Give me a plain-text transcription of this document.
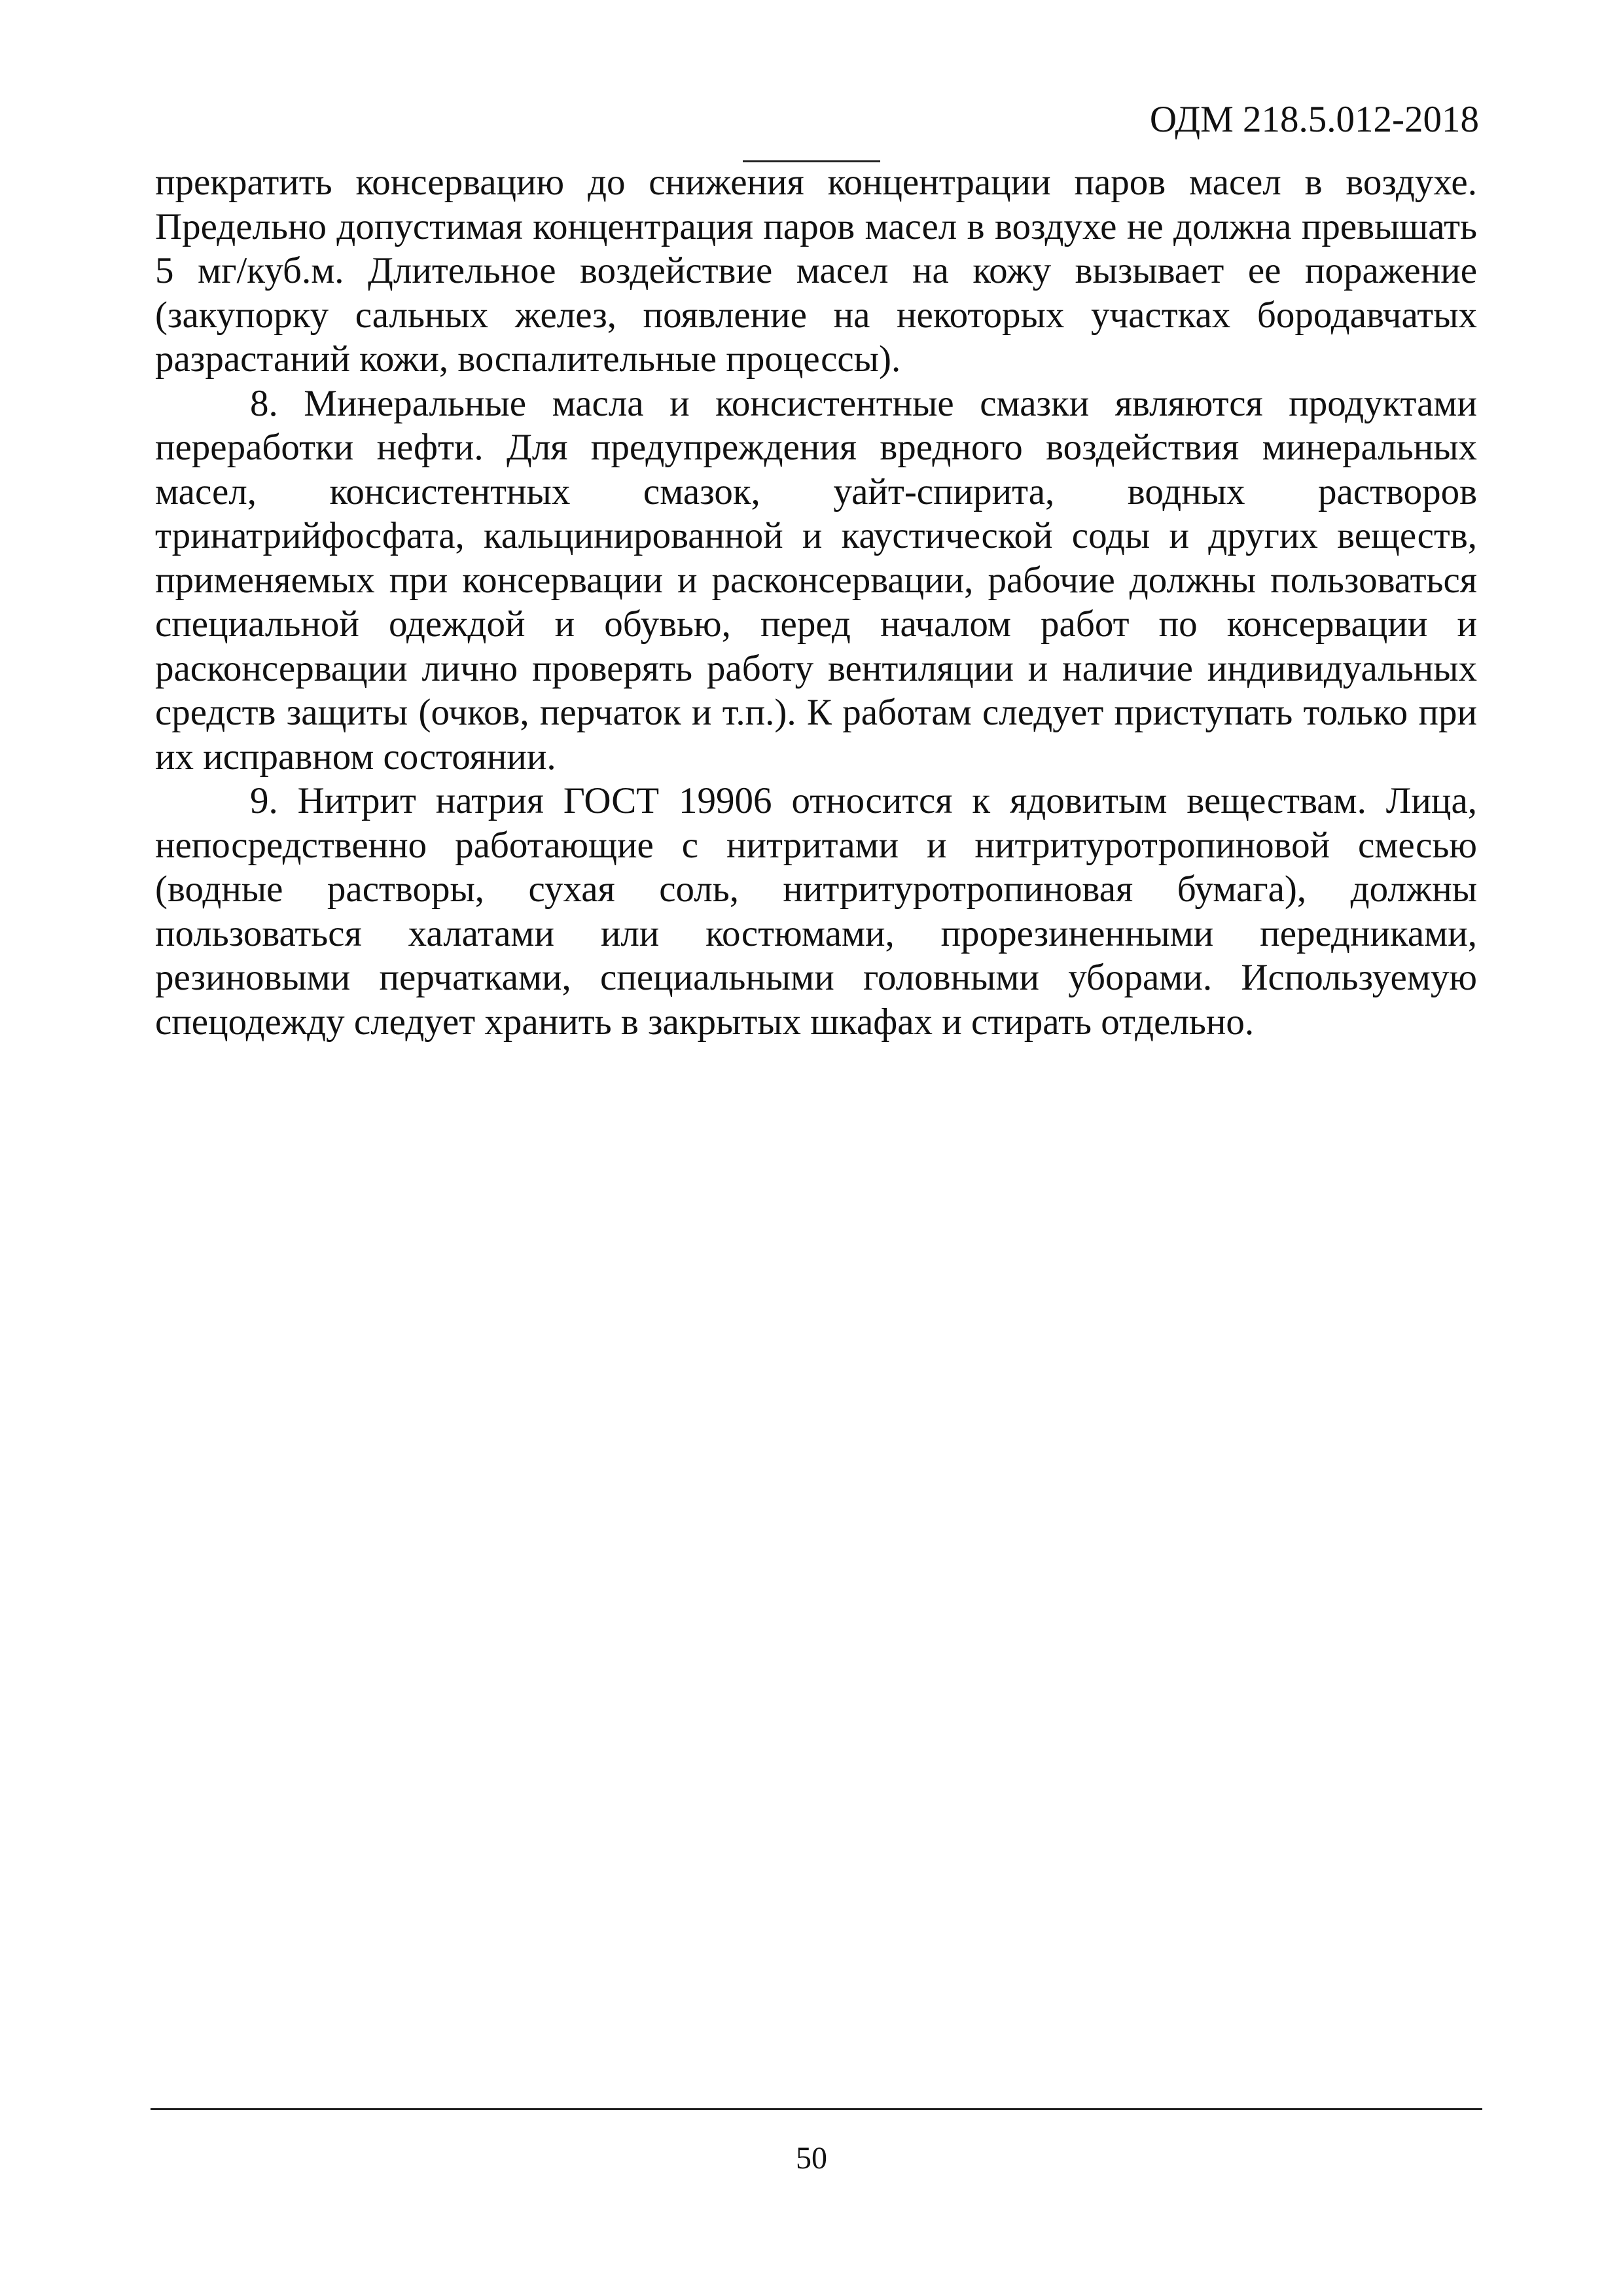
ОДМ 218.5.012-2018

прекратить консервацию до снижения концентрации паров масел в воздухе. Предельно допустимая концентрация паров масел в воздухе не должна превышать 5 мг/куб.м. Длительное воздействие масел на кожу вызывает ее поражение (закупорку сальных желез, появление на некоторых участках бородавчатых разрастаний кожи, воспалительные процессы).

8. Минеральные масла и консистентные смазки являются продуктами переработки нефти. Для предупреждения вредного воздействия минеральных масел, консистентных смазок, уайт-спирита, водных растворов тринатрийфосфата, кальцинированной и каустической соды и других веществ, применяемых при консервации и расконсервации, рабочие должны пользоваться специальной одеждой и обувью, перед началом работ по консервации и расконсервации лично проверять работу вентиляции и наличие индивидуальных средств защиты (очков, перчаток и т.п.). К работам следует приступать только при их исправном состоянии.

9. Нитрит натрия ГОСТ 19906 относится к ядовитым веществам. Лица, непосредственно работающие с нитритами и нитритуротропиновой смесью (водные растворы, сухая соль, нитритуротропиновая бумага), должны пользоваться халатами или костюмами, прорезиненными передниками, резиновыми перчатками, специальными головными уборами. Используемую спецодежду следует хранить в закрытых шкафах и стирать отдельно.

50
